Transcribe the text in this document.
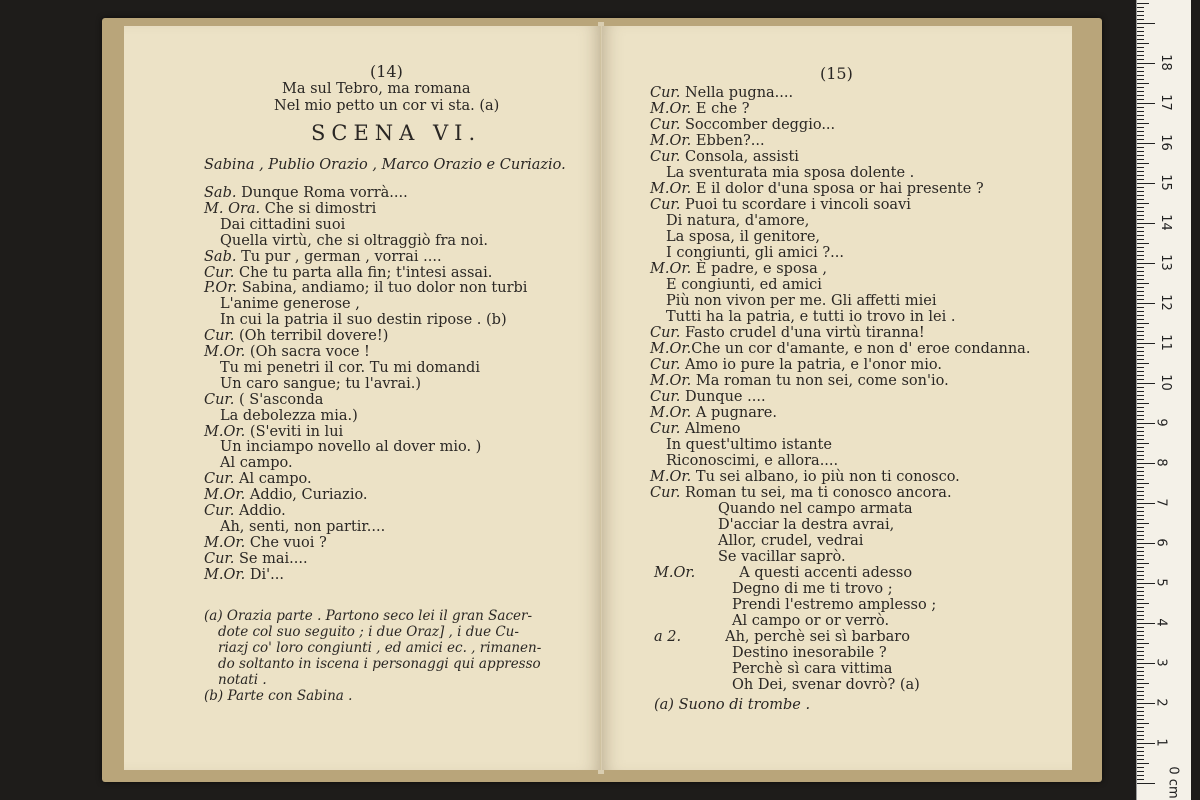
(14)
Ma sul Tebro, ma romana
Nel mio petto un cor vi sta. (a)
SCENA VI.
Sabina , Publio Orazio , Marco Orazio e Curiazio.
Sab. Dunque Roma vorrà....
M. Ora. Che si dimostri
Dai cittadini suoi
Quella virtù, che si oltraggiò fra noi.
Sab. Tu pur , german , vorrai ....
Cur. Che tu parta alla fin; t'intesi assai.
P.Or. Sabina, andiamo; il tuo dolor non turbi
L'anime generose ,
In cui la patria il suo destin ripose . (b)
Cur. (Oh terribil dovere!)
M.Or. (Oh sacra voce !
Tu mi penetri il cor. Tu mi domandi
Un caro sangue; tu l'avrai.)
Cur. ( S'asconda
La debolezza mia.)
M.Or. (S'eviti in lui
Un inciampo novello al dover mio. )
Al campo.
Cur. Al campo.
M.Or. Addio, Curiazio.
Cur. Addio.
Ah, senti, non partir....
M.Or. Che vuoi ?
Cur. Se mai....
M.Or. Di'...
(a) Orazia parte . Partono seco lei il gran Sacer-
dote col suo seguito ; i due Oraz] , i due Cu-
riazj co' loro congiunti , ed amici ec. , rimanen-
do soltanto in iscena i personaggi qui appresso
notati .
(b) Parte con Sabina .
(15)
Cur. Nella pugna....
M.Or. E che ?
Cur. Soccomber deggio...
M.Or. Ebben?...
Cur. Consola, assisti
La sventurata mia sposa dolente .
M.Or. E il dolor d'una sposa or hai presente ?
Cur. Puoi tu scordare i vincoli soavi
Di natura, d'amore,
La sposa, il genitore,
I congiunti, gli amici ?...
M.Or. È padre, e sposa ,
E congiunti, ed amici
Più non vivon per me. Gli affetti miei
Tutti ha la patria, e tutti io trovo in lei .
Cur. Fasto crudel d'una virtù tiranna!
M.Or.Che un cor d'amante, e non d' eroe condanna.
Cur. Amo io pure la patria, e l'onor mio.
M.Or. Ma roman tu non sei, come son'io.
Cur. Dunque ....
M.Or. A pugnare.
Cur. Almeno
In quest'ultimo istante
Riconoscimi, e allora....
M.Or. Tu sei albano, io più non ti conosco.
Cur. Roman tu sei, ma ti conosco ancora.
Quando nel campo armata
D'acciar la destra avrai,
Allor, crudel, vedrai
Se vacillar saprò.
M.Or.	A questi accenti adesso
Degno di me ti trovo ;
Prendi l'estremo amplesso ;
Al campo or or verrò.
a 2.	Ah, perchè sei sì barbaro
Destino inesorabile ?
Perchè sì cara vittima
Oh Dei, svenar dovrò? (a)
(a) Suono di trombe .
18
17
16
15
14
13
12
11
10
9
8
7
6
5
4
3
2
1
0 cm
